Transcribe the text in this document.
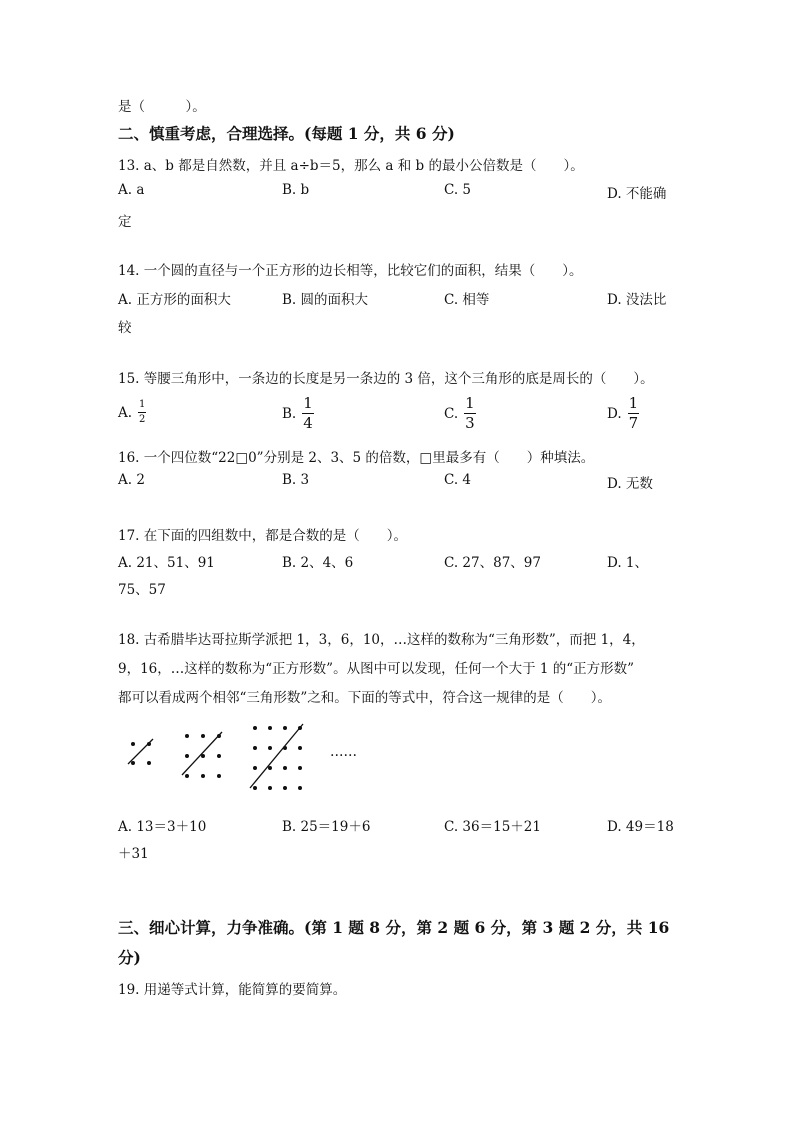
是（　　　）。
二、慎重考虑，合理选择。(每题 1 分，共 6 分)
13. a、b 都是自然数，并且 a÷b＝5，那么 a 和 b 的最小公倍数是（　　）。
A. a	B. b	C. 5	D. 不能确
定
14. 一个圆的直径与一个正方形的边长相等，比较它们的面积，结果（　　）。
A. 正方形的面积大	B. 圆的面积大	C. 相等	D. 没法比
较
15. 等腰三角形中，一条边的长度是另一条边的 3 倍，这个三角形的底是周长的（　　）。
A. $\frac{1}{2}$	B. $\frac{1}{4}$	C. $\frac{1}{3}$	D. $\frac{1}{7}$
16. 一个四位数“22□0”分别是 2、3、5 的倍数，□里最多有（　　）种填法。
A. 2	B. 3	C. 4	D. 无数
17. 在下面的四组数中，都是合数的是（　　）。
A. 21、51、91	B. 2、4、6	C. 27、87、97	D. 1、
75、57
18. 古希腊毕达哥拉斯学派把 1，3，6，10，…这样的数称为“三角形数”，而把 1，4，
9，16，…这样的数称为“正方形数”。从图中可以发现，任何一个大于 1 的“正方形数”
都可以看成两个相邻“三角形数”之和。下面的等式中，符合这一规律的是（　　）。
……
A. 13＝3＋10	B. 25＝19＋6	C. 36＝15＋21	D. 49＝18
＋31
三、细心计算，力争准确。(第 1 题 8 分，第 2 题 6 分，第 3 题 2 分，共 16
分)
19. 用递等式计算，能简算的要简算。
